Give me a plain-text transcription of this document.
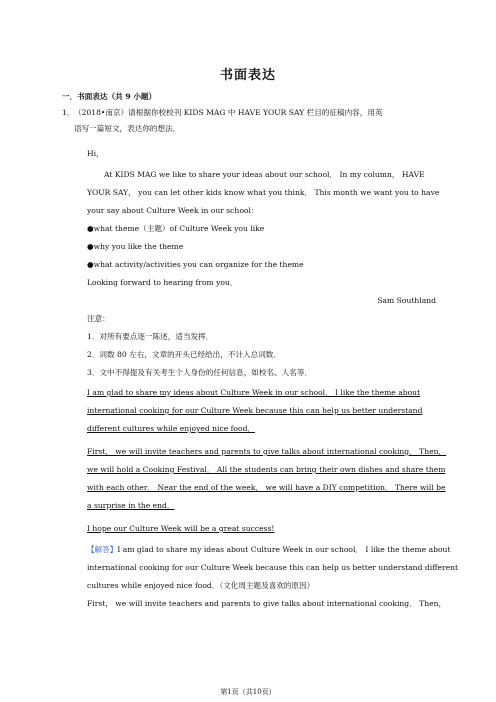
书面表达
一．书面表达（共 9 小题）
1． （2018•南京）请根据你校校刊 KIDS MAG 中 HAVE YOUR SAY 栏目的征稿内容，用英
语写一篇短文，表达你的想法．
Hi，
At KIDS MAG we like to share your ideas about our school． In my column， HAVE
YOUR SAY， you can let other kids know what you think． This month we want you to have
your say about Culture Week in our school：
●what theme（主题）of Culture Week you like
●why you like the theme
●what activity/activities you can organize for the theme
Looking forward to hearing from you．
Sam Southland
注意：
1．对所有要点逐一陈述，适当发挥．
2．词数 80 左右，文章的开头已经给出，不计入总词数．
3．文中不得提及有关考生个人身份的任何信息，如校名、人名等．
I am glad to share my ideas about Culture Week in our school． I like the theme about
international cooking for our Culture Week because this can help us better understand
different cultures while enjoyed nice food．
First， we will invite teachers and parents to give talks about international cooking． Then，
we will hold a Cooking Festival． All the students can bring their own dishes and share them
with each other． Near the end of the week， we will have a DIY competition． There will be
a surprise in the end．
I hope our Culture Week will be a great success!
【解答】I am glad to share my ideas about Culture Week in our school． I like the theme about
international cooking for our Culture Week because this can help us better understand different
cultures while enjoyed nice food．（文化周主题及喜欢的原因）
First， we will invite teachers and parents to give talks about international cooking． Then，
第1页（共10页）
